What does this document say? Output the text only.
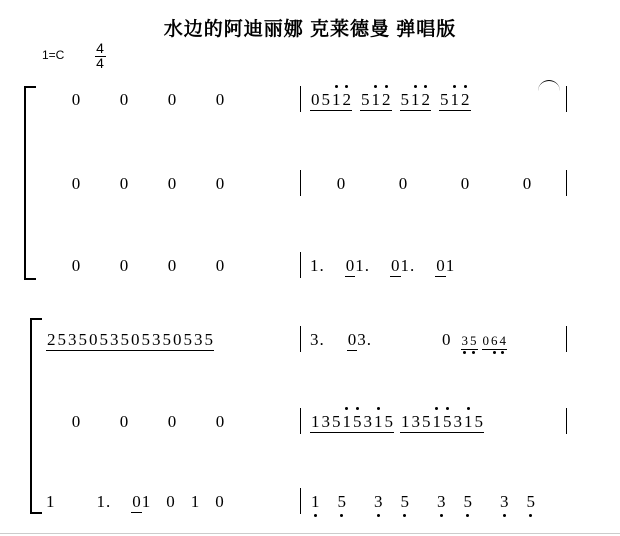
水边的阿迪丽娜 克莱德曼 弹唱版
$1=C \frac{4}{4}$
0 0 0 0	0 5 1 2 5 1 2 5 1 2 5 1 2
0 0 0 0	0	0	0	0
0 0 0 0	1. 01. 01. 01
2 5 3 5 0 5 3 5 0 5 3 5 0 5 3 5	3. 03.	0 3 5 0 6 4
0 0 0 0	1 3 5 1 5 3 1 5 1 3 5 1 5 3 1 5
1 1. 01 0 1 0	1 5 3 5 3 5 3 5
